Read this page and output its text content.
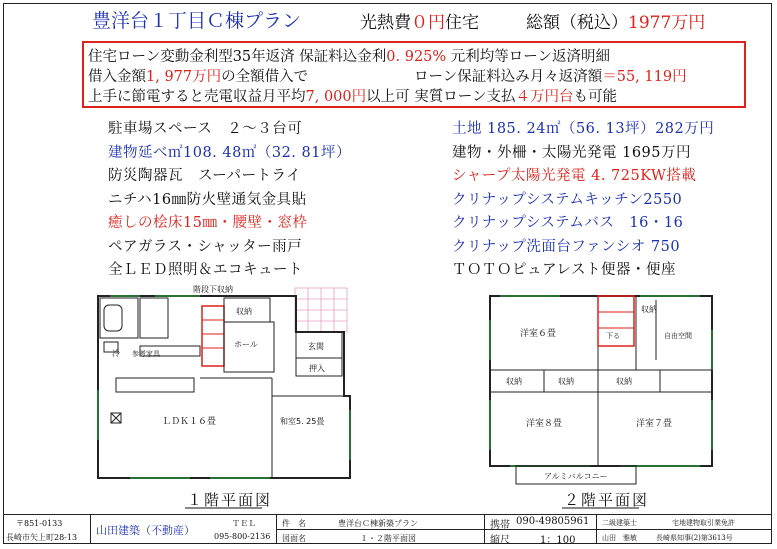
豊洋台１丁目Ｃ棟プラン	光熱費０円住宅	総額（税込）1977万円
住宅ローン変動金利型35年返済 保証料込金利0. 925% 元利均等ローン返済明細
借入金額1, 977万円の全額借入で	ローン保証料込み月々返済額＝55, 119円
上手に節電すると売電収益月平均7, 000円以上可 実質ローン支払４万円台も可能
駐車場スペース　２～３台可
建物延べ㎡108. 48㎡（32. 81坪）
防災陶器瓦　スーパートライ
ニチハ16㎜防火壁通気金具貼
癒しの桧床15㎜・腰壁・窓枠
ペアガラス・シャッター雨戸
全ＬＥＤ照明＆エコキュート
土地 185. 24㎡（56. 13坪）282万円
建物・外柵・太陽光発電 1695万円
シャープ太陽光発電 4. 725KW搭載
クリナップシステムキッチン2550
クリナップシステムバス　16・16
クリナップ洗面台ファンシオ 750
ＴＯＴＯピュアレスト便器・便座
階段下収納
収納
ホール	玄関
押入
冷 参考家具
ＬＤＫ１６畳	和室5. 25畳
１階平面図
洋室６畳
収納
下る	自由空間
収納	収納	収納
洋室８畳	洋室７畳
アルミバルコニー
２階平面図
〒851-0133
長崎市矢上町28-13
山田建築（不動産）
ＴＥＬ
095-800-2136
件　名	豊洋台Ｃ棟新築プラン
図面名	１・２階平面図
携帯 090-49805961
縮尺	1：100
二級建築士
山田　雅敏
宅地建物取引業免許
長崎県知事(2)第3613号
